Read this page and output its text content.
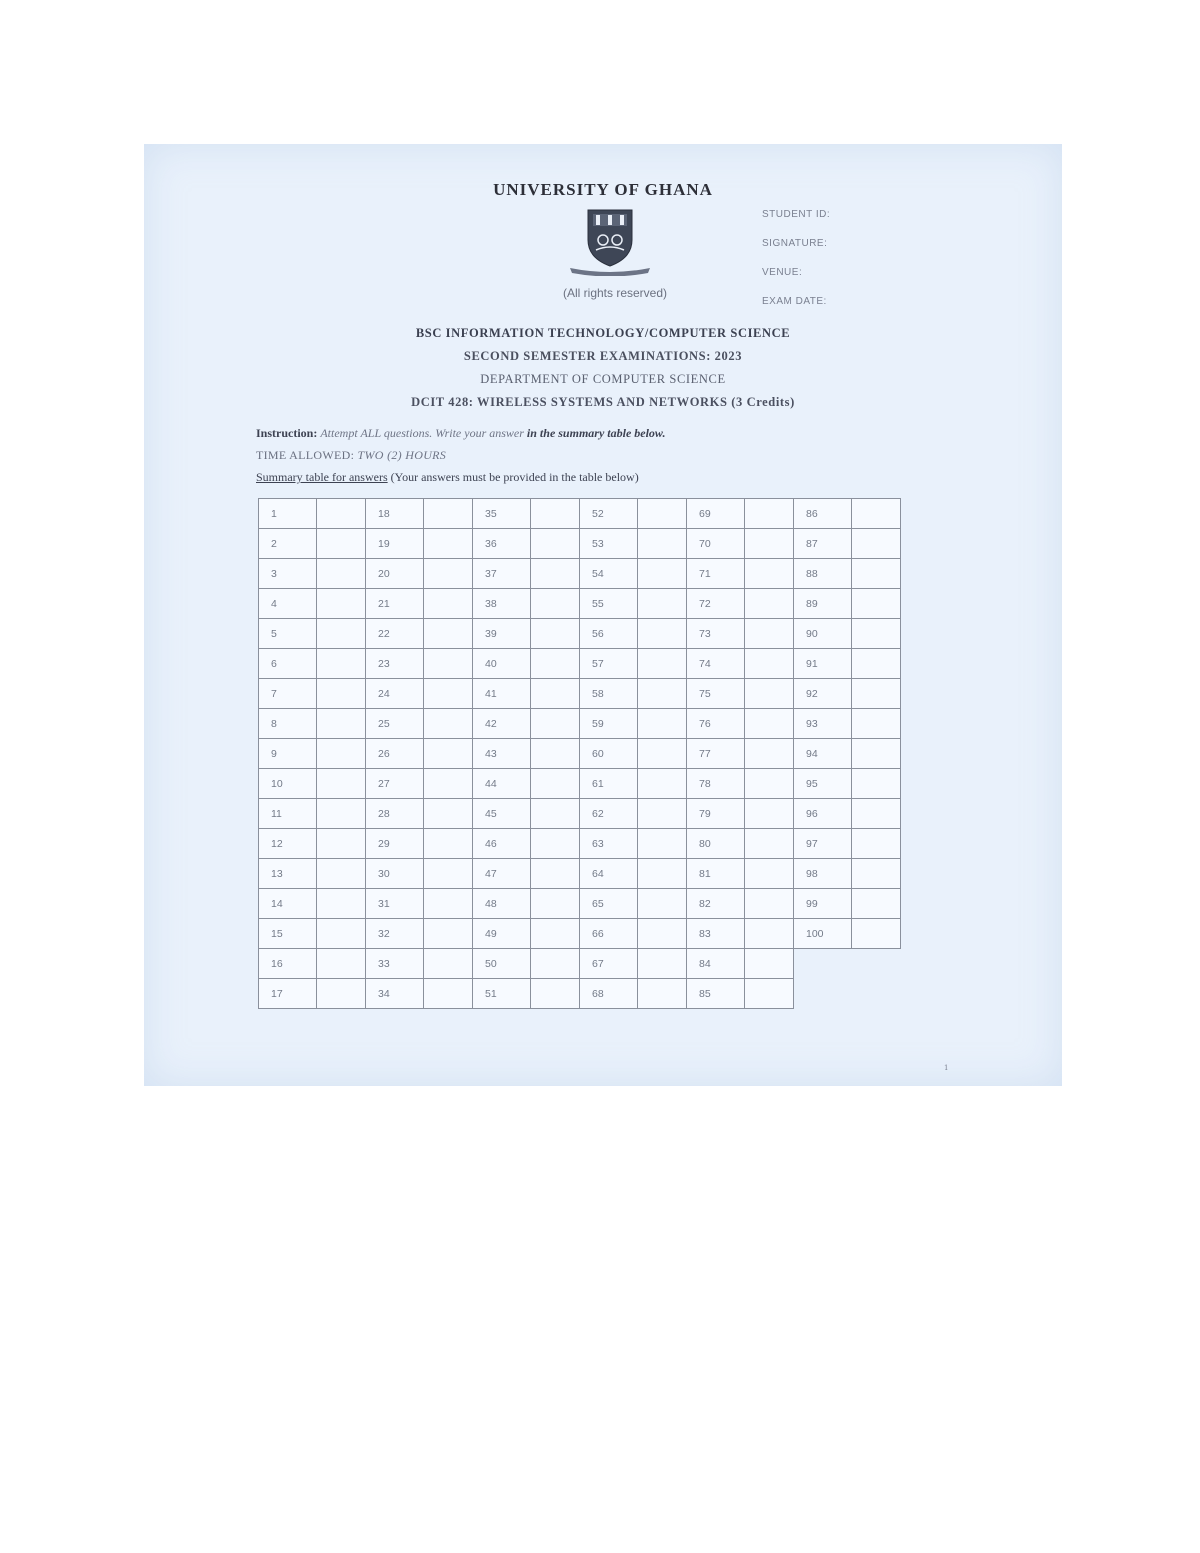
UNIVERSITY OF GHANA
(All rights reserved)
STUDENT ID:
SIGNATURE:
VENUE:
EXAM DATE:
BSC INFORMATION TECHNOLOGY/COMPUTER SCIENCE
SECOND SEMESTER EXAMINATIONS: 2023
DEPARTMENT OF COMPUTER SCIENCE
DCIT 428: WIRELESS SYSTEMS AND NETWORKS (3 Credits)
Instruction: Attempt ALL questions. Write your answer in the summary table below.
TIME ALLOWED: TWO (2) HOURS
Summary table for answers (Your answers must be provided in the table below)
1		18		35		52		69		86	
2		19		36		53		70		87	
3		20		37		54		71		88	
4		21		38		55		72		89	
5		22		39		56		73		90	
6		23		40		57		74		91	
7		24		41		58		75		92	
8		25		42		59		76		93	
9		26		43		60		77		94	
10		27		44		61		78		95	
11		28		45		62		79		96	
12		29		46		63		80		97	
13		30		47		64		81		98	
14		31		48		65		82		99	
15		32		49		66		83		100	
16		33		50		67		84			
17		34		51		68		85			
1
